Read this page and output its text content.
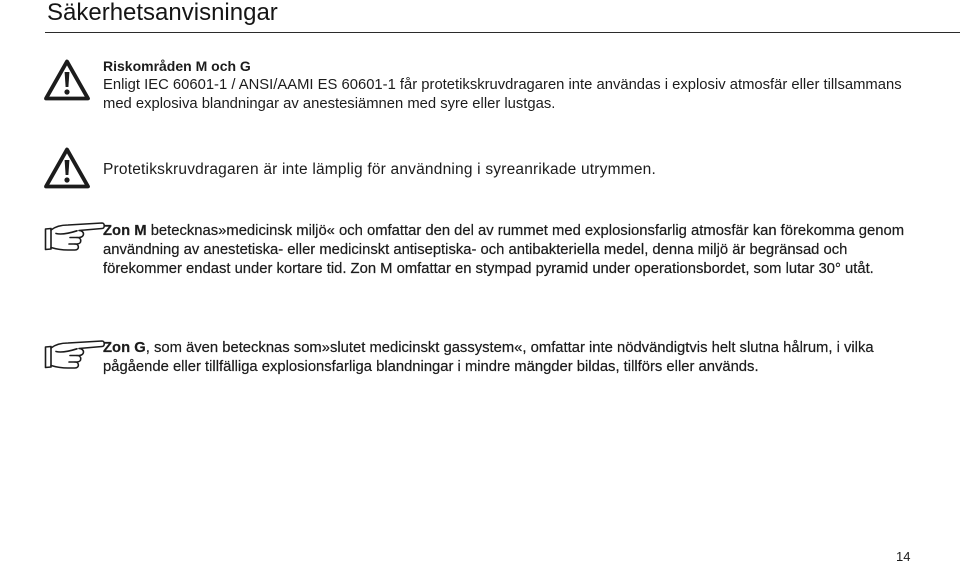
Säkerhetsanvisningar

Riskområden M och G
Enligt IEC 60601-1 / ANSI/AAMI ES 60601-1 får protetikskruvdragaren inte användas i explosiv atmosfär eller tillsammans med explosiva blandningar av anestesiämnen med syre eller lustgas.

Protetikskruvdragaren är inte lämplig för användning i syreanrikade utrymmen.

Zon M betecknas»medicinsk miljö« och omfattar den del av rummet med explosionsfarlig atmosfär kan förekomma genom användning av anestetiska- eller medicinskt antiseptiska- och antibakteriella medel, denna miljö är begränsad och förekommer endast under kortare tid. Zon M omfattar en stympad pyramid under operationsbordet, som lutar 30° utåt.

Zon G, som även betecknas som»slutet medicinskt gassystem«, omfattar inte nödvändigtvis helt slutna hålrum, i vilka pågående eller tillfälliga explosionsfarliga blandningar i mindre mängder bildas, tillförs eller används.

14
